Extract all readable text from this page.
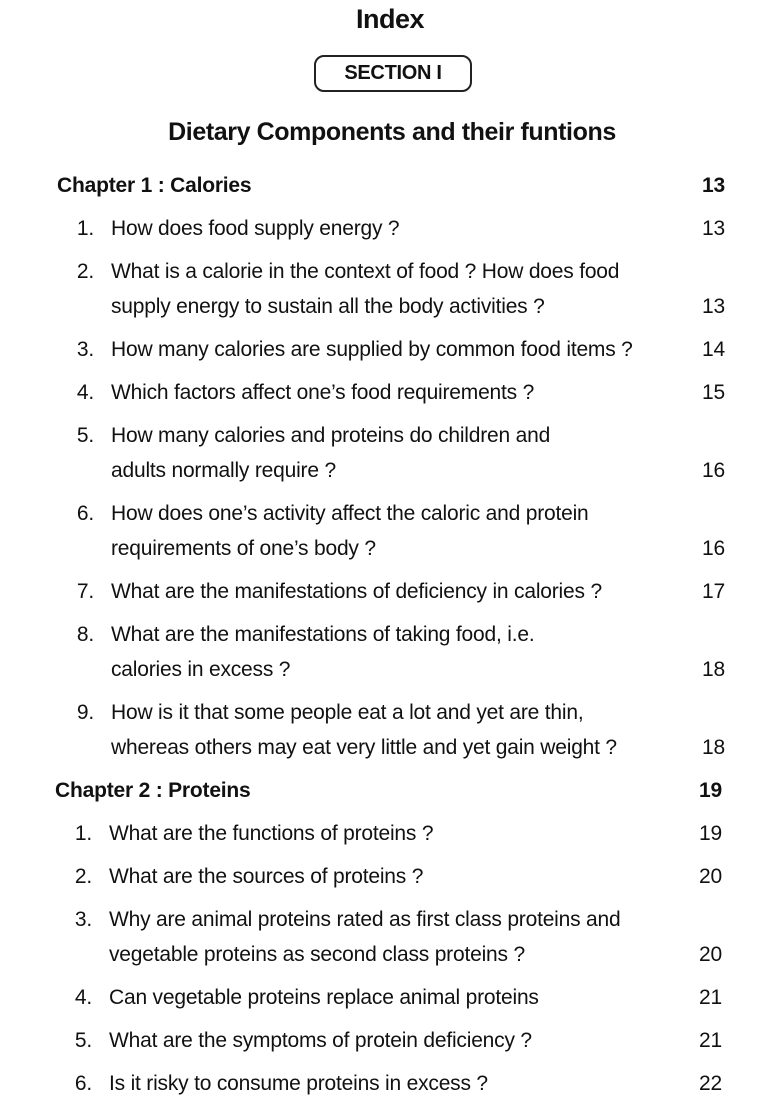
Index
SECTION I
Dietary Components and their funtions
Chapter 1 : Calories	13
1. How does food supply energy ?	13
2. What is a calorie in the context of food ? How does food
supply energy to sustain all the body activities ?	13
3. How many calories are supplied by common food items ?	14
4. Which factors affect one’s food requirements ?	15
5. How many calories and proteins do children and
adults normally require ?	16
6. How does one’s activity affect the caloric and protein
requirements of one’s body ?	16
7. What are the manifestations of deficiency in calories ?	17
8. What are the manifestations of taking food, i.e.
calories in excess ?	18
9. How is it that some people eat a lot and yet are thin,
whereas others may eat very little and yet gain weight ?	18
Chapter 2 : Proteins	19
1. What are the functions of proteins ?	19
2. What are the sources of proteins ?	20
3. Why are animal proteins rated as first class proteins and
vegetable proteins as second class proteins ?	20
4. Can vegetable proteins replace animal proteins	21
5. What are the symptoms of protein deficiency ?	21
6. Is it risky to consume proteins in excess ?	22
